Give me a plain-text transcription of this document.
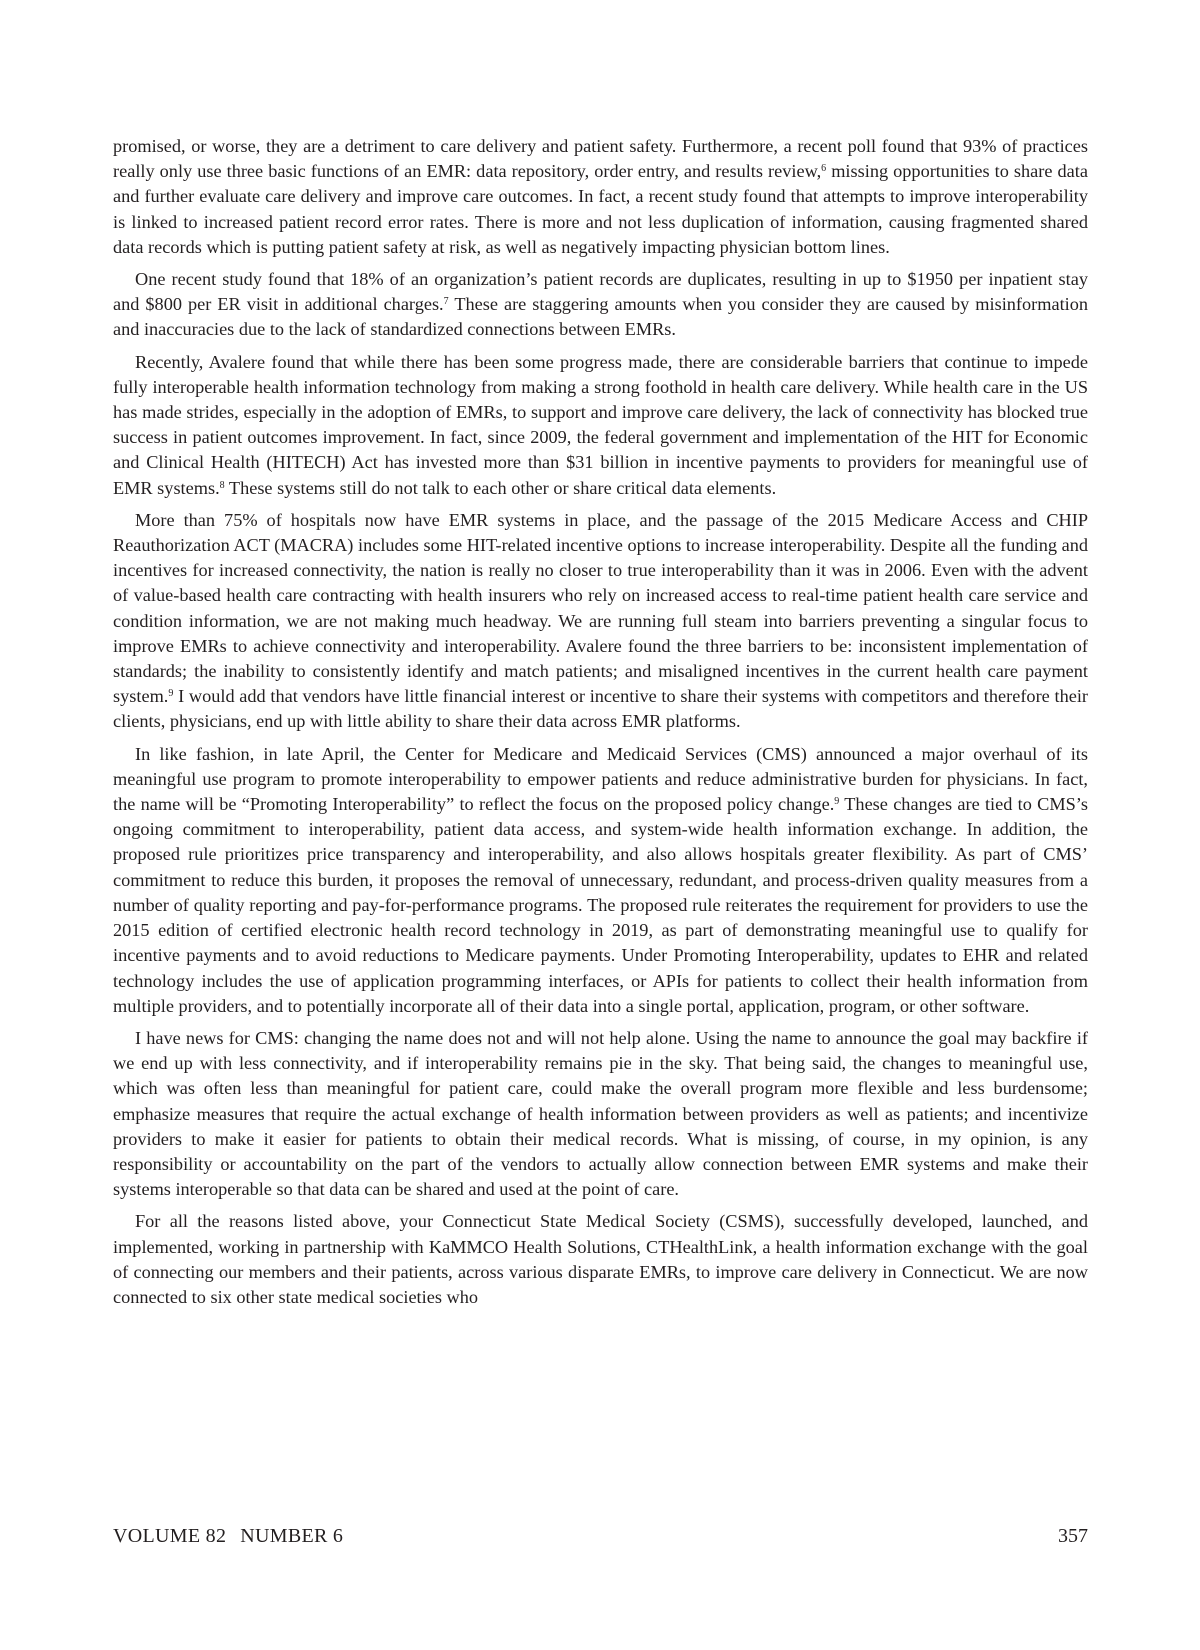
promised, or worse, they are a detriment to care delivery and patient safety. Furthermore, a recent poll found that 93% of practices really only use three basic functions of an EMR: data repository, order entry, and results review,$^6$ missing opportunities to share data and further evaluate care delivery and improve care outcomes. In fact, a recent study found that attempts to improve interoperability is linked to increased patient record error rates. There is more and not less duplication of information, causing fragmented shared data records which is putting patient safety at risk, as well as negatively impacting physician bottom lines.

One recent study found that 18% of an organization’s patient records are duplicates, resulting in up to $1950 per inpatient stay and $800 per ER visit in additional charges.$^7$ These are staggering amounts when you consider they are caused by misinformation and inaccuracies due to the lack of standardized connections between EMRs.

Recently, Avalere found that while there has been some progress made, there are considerable barriers that continue to impede fully interoperable health information technology from making a strong foothold in health care delivery. While health care in the US has made strides, especially in the adoption of EMRs, to support and improve care delivery, the lack of connectivity has blocked true success in patient outcomes improvement. In fact, since 2009, the federal government and implementation of the HIT for Economic and Clinical Health (HITECH) Act has invested more than $31 billion in incentive payments to providers for meaningful use of EMR systems.$^8$ These systems still do not talk to each other or share critical data elements.

More than 75% of hospitals now have EMR systems in place, and the passage of the 2015 Medicare Access and CHIP Reauthorization ACT (MACRA) includes some HIT-related incentive options to increase interoperability. Despite all the funding and incentives for increased connectivity, the nation is really no closer to true interoperability than it was in 2006. Even with the advent of value-based health care contracting with health insurers who rely on increased access to real-time patient health care service and condition information, we are not making much headway. We are running full steam into barriers preventing a singular focus to improve EMRs to achieve connectivity and interoperability. Avalere found the three barriers to be: inconsistent implementation of standards; the inability to consistently identify and match patients; and misaligned incentives in the current health care payment system.$^9$ I would add that vendors have little financial interest or incentive to share their systems with competitors and therefore their clients, physicians, end up with little ability to share their data across EMR platforms.

In like fashion, in late April, the Center for Medicare and Medicaid Services (CMS) announced a major overhaul of its meaningful use program to promote interoperability to empower patients and reduce administrative burden for physicians. In fact, the name will be “Promoting Interoperability” to reflect the focus on the proposed policy change.$^9$ These changes are tied to CMS’s ongoing commitment to interoperability, patient data access, and system-wide health information exchange. In addition, the proposed rule prioritizes price transparency and interoperability, and also allows hospitals greater flexibility. As part of CMS’ commitment to reduce this burden, it proposes the removal of unnecessary, redundant, and process-driven quality measures from a number of quality reporting and pay-for-performance programs. The proposed rule reiterates the requirement for providers to use the 2015 edition of certified electronic health record technology in 2019, as part of demonstrating meaningful use to qualify for incentive payments and to avoid reductions to Medicare payments. Under Promoting Interoperability, updates to EHR and related technology includes the use of application programming interfaces, or APIs for patients to collect their health information from multiple providers, and to potentially incorporate all of their data into a single portal, application, program, or other software.

I have news for CMS: changing the name does not and will not help alone. Using the name to announce the goal may backfire if we end up with less connectivity, and if interoperability remains pie in the sky. That being said, the changes to meaningful use, which was often less than meaningful for patient care, could make the overall program more flexible and less burdensome; emphasize measures that require the actual exchange of health information between providers as well as patients; and incentivize providers to make it easier for patients to obtain their medical records. What is missing, of course, in my opinion, is any responsibility or accountability on the part of the vendors to actually allow connection between EMR systems and make their systems interoperable so that data can be shared and used at the point of care.

For all the reasons listed above, your Connecticut State Medical Society (CSMS), successfully developed, launched, and implemented, working in partnership with KaMMCO Health Solutions, CTHealthLink, a health information exchange with the goal of connecting our members and their patients, across various disparate EMRs, to improve care delivery in Connecticut. We are now connected to six other state medical societies who

VOLUME 82 NUMBER 6	357
